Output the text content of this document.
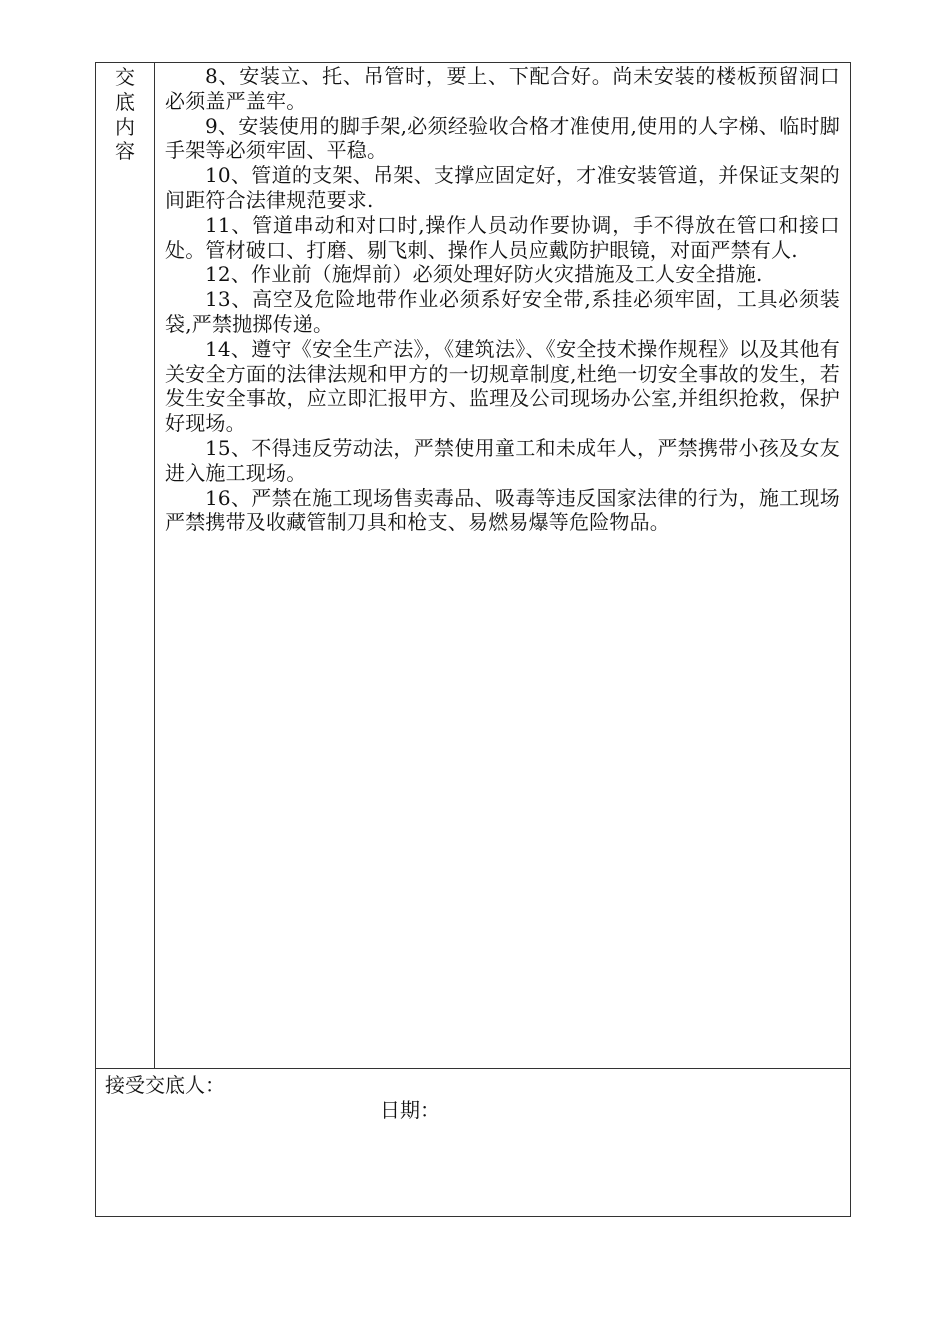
交
底
内
容

8、安装立、托、吊管时，要上、下配合好。尚未安装的楼板预留洞口必须盖严盖牢。

9、安装使用的脚手架,必须经验收合格才准使用,使用的人字梯、临时脚手架等必须牢固、平稳。

10、管道的支架、吊架、支撑应固定好，才准安装管道，并保证支架的间距符合法律规范要求.

11、管道串动和对口时,操作人员动作要协调，手不得放在管口和接口处。管材破口、打磨、剔飞刺、操作人员应戴防护眼镜，对面严禁有人.

12、作业前（施焊前）必须处理好防火灾措施及工人安全措施.

13、高空及危险地带作业必须系好安全带,系挂必须牢固，工具必须装袋,严禁抛掷传递。

14、遵守《安全生产法》，《建筑法》、《安全技术操作规程》以及其他有关安全方面的法律法规和甲方的一切规章制度,杜绝一切安全事故的发生，若发生安全事故，应立即汇报甲方、监理及公司现场办公室,并组织抢救，保护好现场。

15、不得违反劳动法，严禁使用童工和未成年人，严禁携带小孩及女友进入施工现场。

16、严禁在施工现场售卖毒品、吸毒等违反国家法律的行为，施工现场严禁携带及收藏管制刀具和枪支、易燃易爆等危险物品。

接受交底人：
日期：
